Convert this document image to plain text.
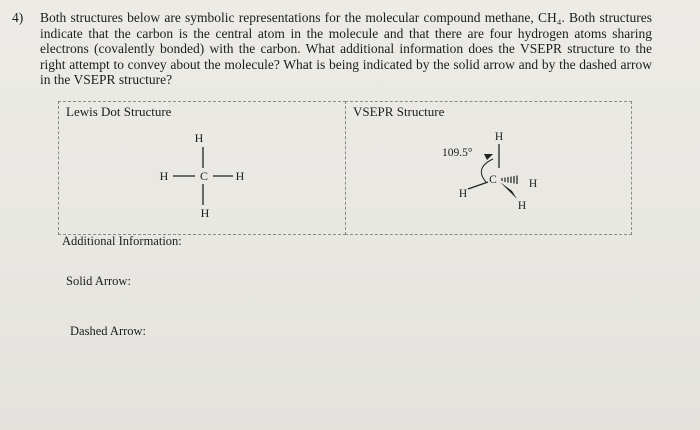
4) Both structures below are symbolic representations for the molecular compound methane, CH₄. Both structures indicate that the carbon is the central atom in the molecule and that there are four hydrogen atoms sharing electrons (covalently bonded) with the carbon. What additional information does the VSEPR structure to the right attempt to convey about the molecule? What is being indicated by the solid arrow and by the dashed arrow in the VSEPR structure?

Lewis Dot Structure
H
H	C H
H
VSEPR Structure
109.5°
H
C
H
H
H
Additional Information:
Solid Arrow:
Dashed Arrow:
